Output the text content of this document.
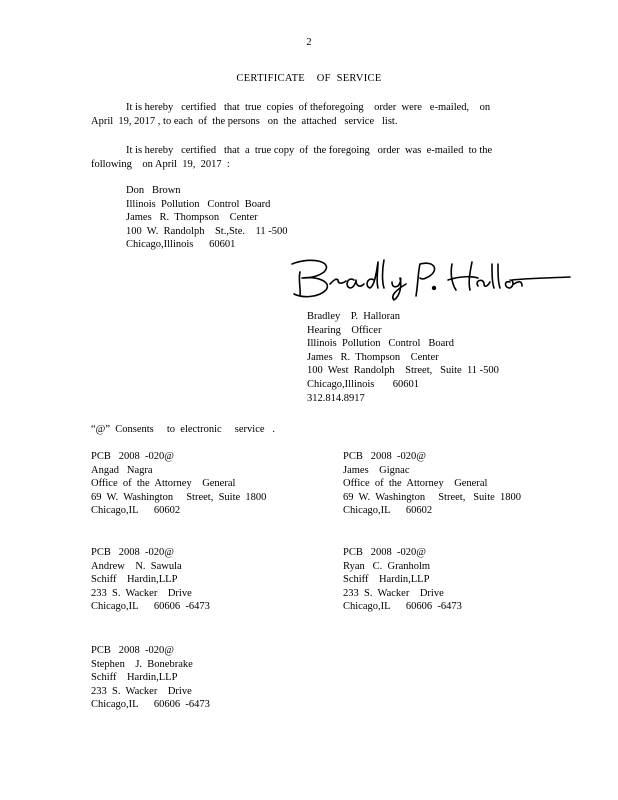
2
CERTIFICATE    OF  SERVICE
It is hereby   certified   that  true  copies  of theforegoing    order  were   e-mailed,    on
April  19, 2017 , to each  of  the persons   on  the  attached   service   list.
It is hereby   certified   that  a  true copy  of  the foregoing   order  was  e-mailed  to the
following    on April  19,  2017  :
Don   Brown
Illinois  Pollution   Control  Board
James   R.  Thompson    Center
100  W.  Randolph    St.,Ste.    11 -500
Chicago,Illinois      60601
Bradley    P.  Halloran
Hearing    Officer
Illinois  Pollution   Control   Board
James   R.  Thompson    Center
100  West  Randolph    Street,   Suite  11 -500
Chicago,Illinois       60601
312.814.8917
“@”  Consents     to  electronic     service   .
PCB   2008  -020@
Angad   Nagra
Office  of  the  Attorney    General
69  W.  Washington     Street,  Suite  1800
Chicago,IL      60602
PCB   2008  -020@
James    Gignac
Office  of  the  Attorney    General
69  W.  Washington     Street,   Suite  1800
Chicago,IL      60602
PCB   2008  -020@
Andrew    N.  Sawula
Schiff    Hardin,LLP
233  S.  Wacker    Drive
Chicago,IL      60606  -6473
PCB   2008  -020@
Ryan   C.  Granholm
Schiff    Hardin,LLP
233  S.  Wacker    Drive
Chicago,IL      60606  -6473
PCB   2008  -020@
Stephen    J.  Bonebrake
Schiff    Hardin,LLP
233  S.  Wacker    Drive
Chicago,IL      60606  -6473
